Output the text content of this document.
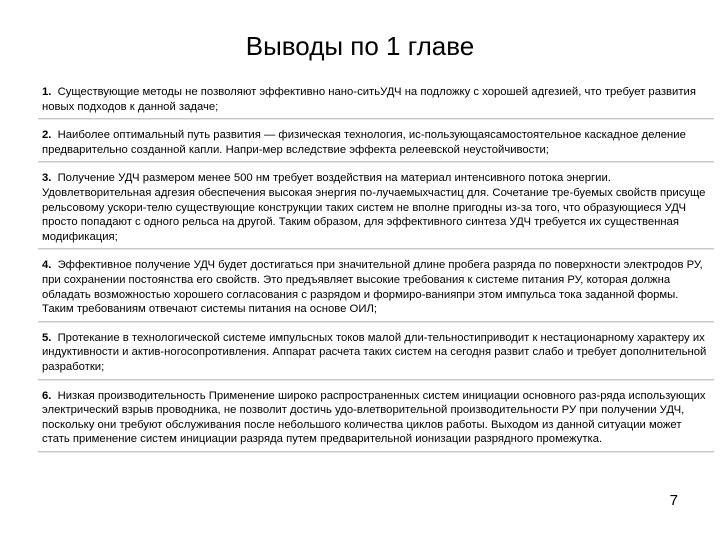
Выводы по 1 главе
1. Существующие методы не позволяют эффективно нано-ситьУДЧ на подложку с хорошей адгезией, что требует развития новых подходов к данной задаче;
2. Наиболее оптимальный путь развития — физическая технология, ис-пользующаясамостоятельное каскадное деление предварительно созданной капли. Напри-мер вследствие эффекта релеевской неустойчивости;
3. Получение УДЧ размером менее 500 нм требует воздействия на материал интенсивного потока энергии. Удовлетворительная адгезия обеспечения высокая энергия по-лучаемыхчастиц для. Сочетание тре-буемых свойств присуще рельсовому ускори-телю существующие конструкции таких систем не вполне пригодны из-за того, что образующиеся УДЧ просто попадают с одного рельса на другой. Таким образом, для эффективного синтеза УДЧ требуется их существенная модификация;
4. Эффективное получение УДЧ будет достигаться при значительной длине пробега разряда по поверхности электродов РУ, при сохранении постоянства его свойств. Это предъявляет высокие требования к системе питания РУ, которая должна обладать возможностью хорошего согласования с разрядом и формиро-ванияпри этом импульса тока заданной формы. Таким требованиям отвечают системы питания на основе ОИЛ;
5. Протекание в технологической системе импульсных токов малой дли-тельностиприводит к нестационарному характеру их индуктивности и актив-ногосопротивления. Аппарат расчета таких систем на сегодня развит слабо и требует дополнительной разработки;
6. Низкая производительность Применение широко распространенных систем инициации основного раз-ряда использующих электрический взрыв проводника, не позволит достичь удо-влетворительной производительности РУ при получении УДЧ, поскольку они требуют обслуживания после небольшого количества циклов работы. Выходом из данной ситуации может стать применение систем инициации разряда путем предварительной ионизации разрядного промежутка.
7
